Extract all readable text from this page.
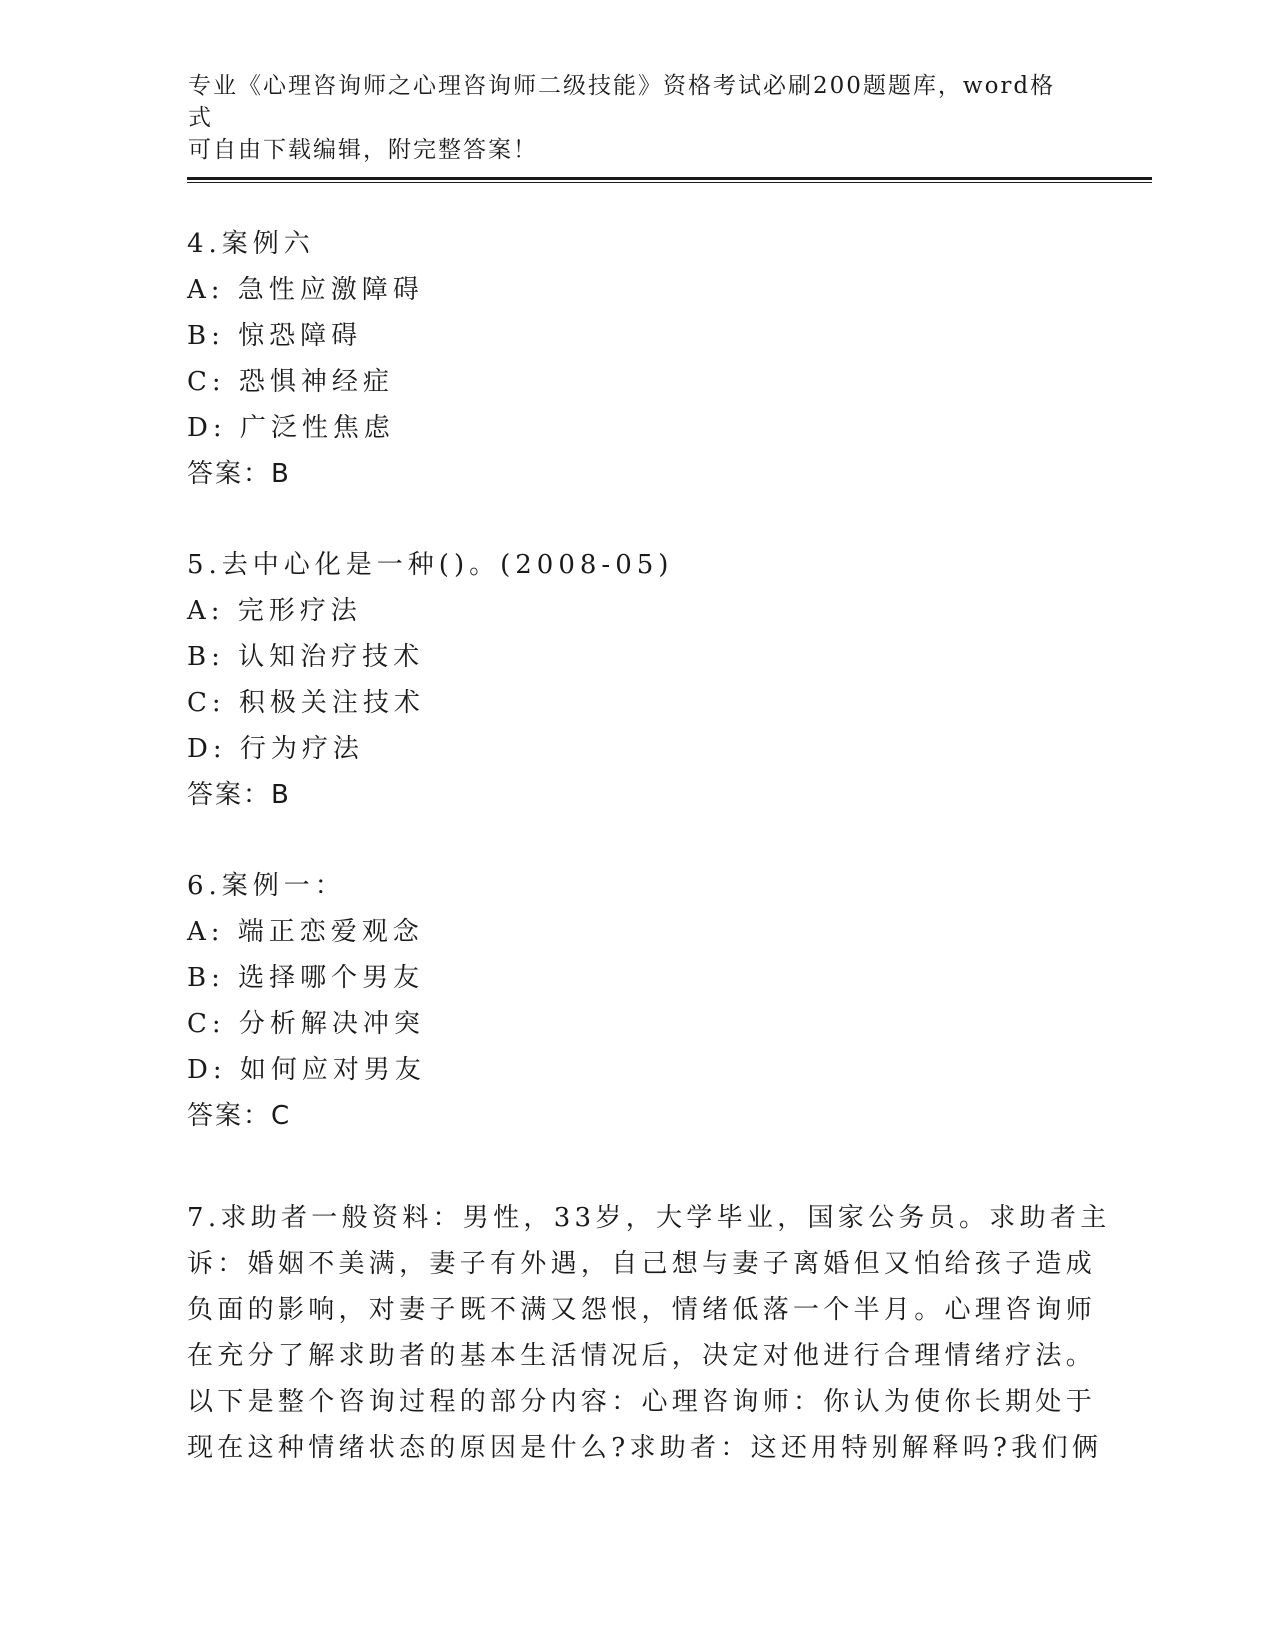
专业《心理咨询师之心理咨询师二级技能》资格考试必刷200题题库，word格式
可自由下载编辑，附完整答案！
4.案例六
A: 急性应激障碍
B: 惊恐障碍
C: 恐惧神经症
D: 广泛性焦虑
答案：B
5.去中心化是一种()。(2008-05)
A: 完形疗法
B: 认知治疗技术
C: 积极关注技术
D: 行为疗法
答案：B
6.案例一：
A: 端正恋爱观念
B: 选择哪个男友
C: 分析解决冲突
D: 如何应对男友
答案：C
7.求助者一般资料：男性，33岁，大学毕业，国家公务员。求助者主
诉：婚姻不美满，妻子有外遇，自己想与妻子离婚但又怕给孩子造成
负面的影响，对妻子既不满又怨恨，情绪低落一个半月。心理咨询师
在充分了解求助者的基本生活情况后，决定对他进行合理情绪疗法。
以下是整个咨询过程的部分内容：心理咨询师：你认为使你长期处于
现在这种情绪状态的原因是什么?求助者：这还用特别解释吗?我们俩
